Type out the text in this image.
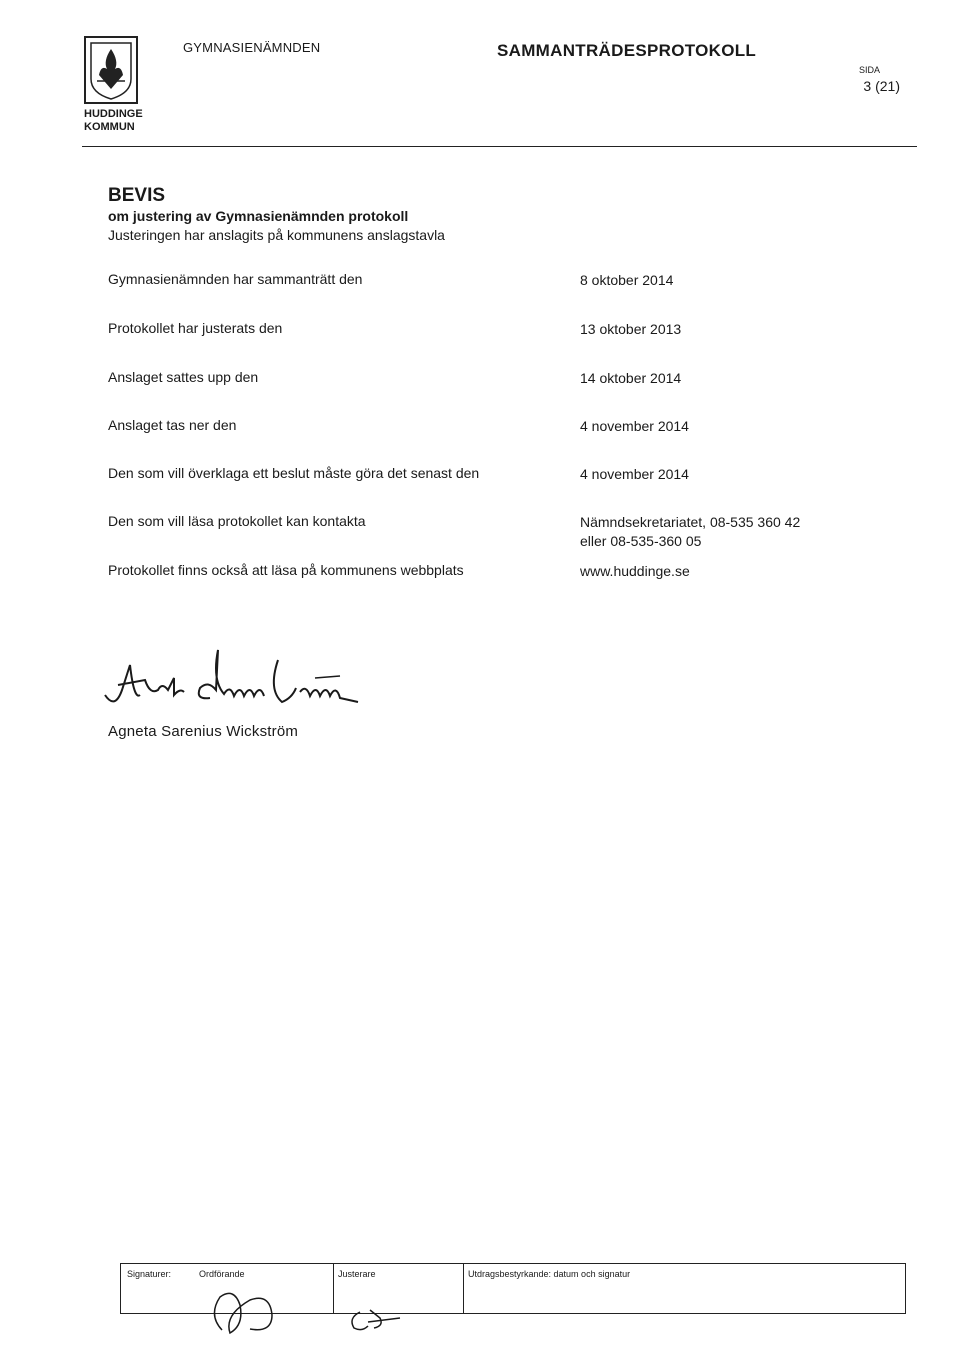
HUDDINGE
KOMMUN
GYMNASIENÄMNDEN	SAMMANTRÄDESPROTOKOLL
SIDA
3 (21)
BEVIS
om justering av Gymnasienämnden protokoll
Justeringen har anslagits på kommunens anslagstavla
Gymnasienämnden har sammanträtt den	8 oktober 2014
Protokollet har justerats den	13 oktober 2013
Anslaget sattes upp den	14 oktober 2014
Anslaget tas ner den	4 november 2014
Den som vill överklaga ett beslut måste göra det senast den	4 november 2014
Den som vill läsa protokollet kan kontakta	Nämndsekretariatet, 08-535 360 42
eller 08-535-360 05
Protokollet finns också att läsa på kommunens webbplats	www.huddinge.se
Agneta Sarenius Wickström
Signaturer:	Ordförande	Justerare	Utdragsbestyrkande: datum och signatur
